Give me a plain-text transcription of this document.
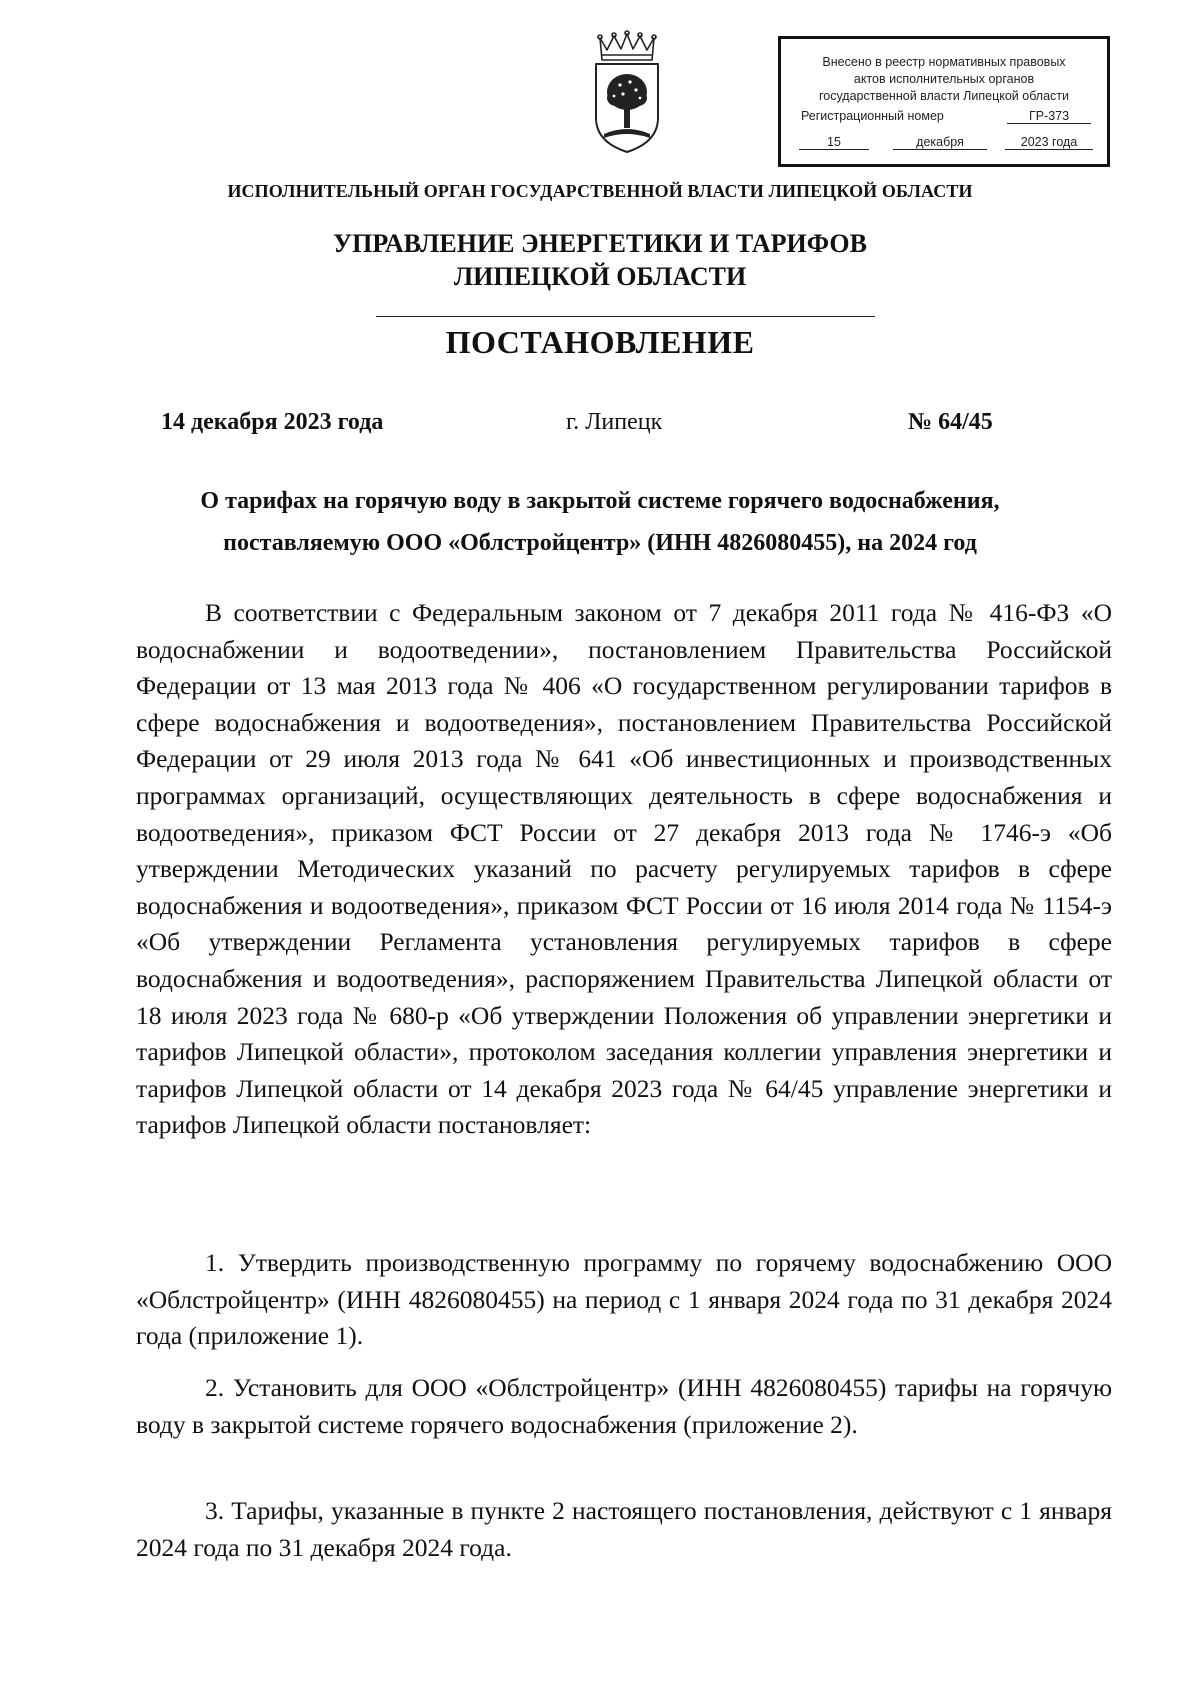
Внесено в реестр нормативных правовых
актов исполнительных органов
государственной власти Липецкой области
Регистрационный номер	ГР-373
15	декабря	2023 года
ИСПОЛНИТЕЛЬНЫЙ ОРГАН ГОСУДАРСТВЕННОЙ ВЛАСТИ ЛИПЕЦКОЙ ОБЛАСТИ
УПРАВЛЕНИЕ ЭНЕРГЕТИКИ И ТАРИФОВ
ЛИПЕЦКОЙ ОБЛАСТИ
ПОСТАНОВЛЕНИЕ
14 декабря 2023 года	г. Липецк	№ 64/45
О тарифах на горячую воду в закрытой системе горячего водоснабжения,
поставляемую ООО «Облстройцентр» (ИНН 4826080455), на 2024 год
В соответствии с Федеральным законом от 7 декабря 2011 года № 416-ФЗ «О водоснабжении и водоотведении», постановлением Правительства Российской Федерации от 13 мая 2013 года № 406 «О государственном регулировании тарифов в сфере водоснабжения и водоотведения», постановлением Правительства Российской Федерации от 29 июля 2013 года № 641 «Об инвестиционных и производственных программах организаций, осуществляющих деятельность в сфере водоснабжения и водоотведения», приказом ФСТ России от 27 декабря 2013 года № 1746-э «Об утверждении Методических указаний по расчету регулируемых тарифов в сфере водоснабжения и водоотведения», приказом ФСТ России от 16 июля 2014 года № 1154-э «Об утверждении Регламента установления регулируемых тарифов в сфере водоснабжения и водоотведения», распоряжением Правительства Липецкой области от 18 июля 2023 года № 680-р «Об утверждении Положения об управлении энергетики и тарифов Липецкой области», протоколом заседания коллегии управления энергетики и тарифов Липецкой области от 14 декабря 2023 года № 64/45 управление энергетики и тарифов Липецкой области постановляет:
1. Утвердить производственную программу по горячему водоснабжению ООО «Облстройцентр» (ИНН 4826080455) на период с 1 января 2024 года по 31 декабря 2024 года (приложение 1).
2. Установить для ООО «Облстройцентр» (ИНН 4826080455) тарифы на горячую воду в закрытой системе горячего водоснабжения (приложение 2).
3. Тарифы, указанные в пункте 2 настоящего постановления, действуют с 1 января 2024 года по 31 декабря 2024 года.
